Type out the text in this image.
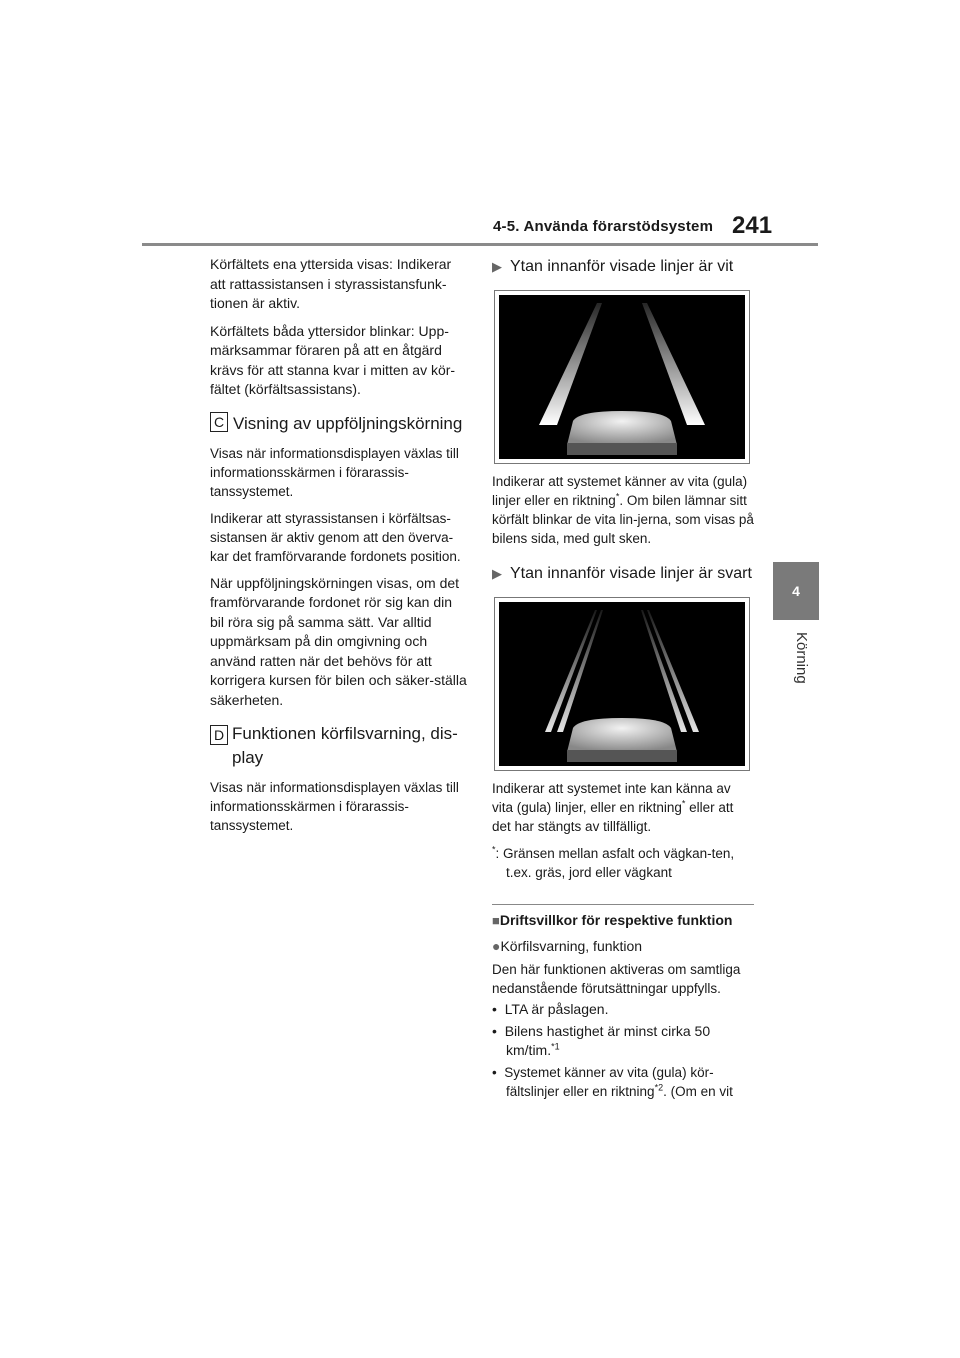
4-5. Använda förarstödsystem 241
4
Körning

Körfältets ena yttersida visas: Indikerar att rattassistansen i styrassistansfunk-tionen är aktiv.

Körfältets båda yttersidor blinkar: Upp-märksammar föraren på att en åtgärd krävs för att stanna kvar i mitten av kör-fältet (körfältsassistans).

C Visning av uppföljningskörning

Visas när informationsdisplayen växlas till informationsskärmen i förarassis-tanssystemet.

Indikerar att styrassistansen i körfältsas-sistansen är aktiv genom att den överva-kar det framförvarande fordonets position.

När uppföljningskörningen visas, om det framförvarande fordonet rör sig kan din bil röra sig på samma sätt. Var alltid uppmärksam på din omgivning och använd ratten när det behövs för att korrigera kursen för bilen och säker-ställa säkerheten.

D Funktionen körfilsvarning, dis-play

Visas när informationsdisplayen växlas till informationsskärmen i förarassis-tanssystemet.

▶ Ytan innanför visade linjer är vit

Indikerar att systemet känner av vita (gula) linjer eller en riktning*. Om bilen lämnar sitt körfält blinkar de vita lin-jerna, som visas på bilens sida, med gult sken.

▶ Ytan innanför visade linjer är svart

Indikerar att systemet inte kan känna av vita (gula) linjer, eller en riktning* eller att det har stängts av tillfälligt.

*: Gränsen mellan asfalt och vägkan-ten, t.ex. gräs, jord eller vägkant

■Driftsvillkor för respektive funktion

●Körfilsvarning, funktion

Den här funktionen aktiveras om samtliga nedanstående förutsättningar uppfylls.

•  LTA är påslagen.

•  Bilens hastighet är minst cirka 50 km/tim.$^{*1}$

•  Systemet känner av vita (gula) kör-fältslinjer eller en riktning$^{*2}$. (Om en vit
